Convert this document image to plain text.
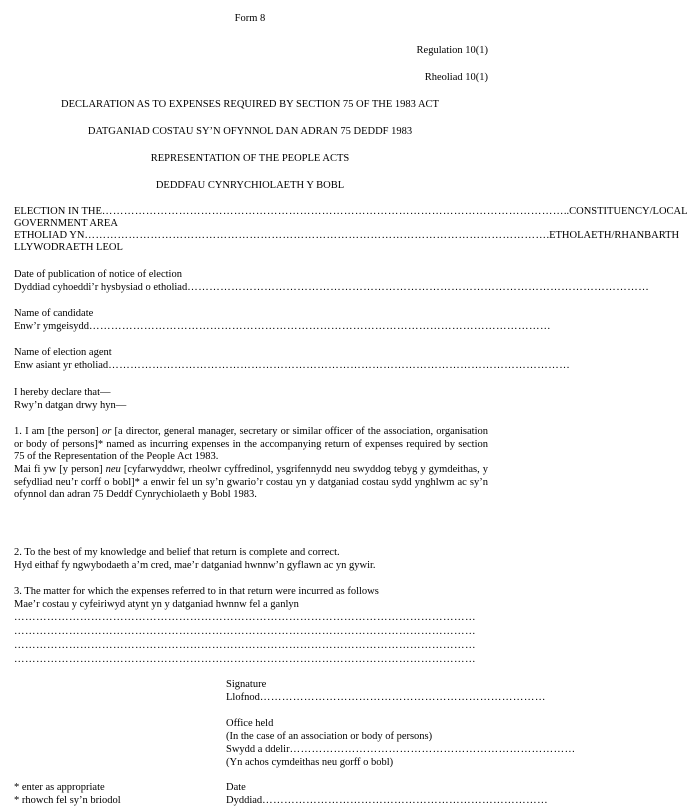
Form 8
Regulation 10(1)
Rheoliad 10(1)
DECLARATION AS TO EXPENSES REQUIRED BY SECTION 75 OF THE 1983 ACT
DATGANIAD COSTAU SY’N OFYNNOL DAN ADRAN 75 DEDDF 1983
REPRESENTATION OF THE PEOPLE ACTS
DEDDFAU CYNRYCHIOLAETH Y BOBL
ELECTION IN THE ……………………………………………………………………………………………………………… ..CONSTITUENCY/LOCAL
GOVERNMENT AREA
ETHOLIAD YN ……………………………………………………………………………………………………………… .ETHOLAETH/RHANBARTH
LLYWODRAETH LEOL
Date of publication of notice of election
Dyddiad cyhoeddi’r hysbysiad o etholiad ………………………………………………………………………………………………………………
Name of candidate
Enw’r ymgeisydd ………………………………………………………………………………………………………………
Name of election agent
Enw asiant yr etholiad ………………………………………………………………………………………………………………
I hereby declare that—
Rwy’n datgan drwy hyn—
1. I am [the person] or [a director, general manager, secretary or similar officer of the association, organisation or body of persons]* named as incurring expenses in the accompanying return of expenses required by section 75 of the Representation of the People Act 1983.
Mai fi yw [y person] neu [cyfarwyddwr, rheolwr cyffredinol, ysgrifennydd neu swyddog tebyg y gymdeithas, y sefydliad neu’r corff o bobl]* a enwir fel un sy’n gwario’r costau yn y datganiad costau sydd ynghlwm ac sy’n ofynnol dan adran 75 Deddf Cynrychiolaeth y Bobl 1983.
2. To the best of my knowledge and belief that return is complete and correct.
Hyd eithaf fy ngwybodaeth a’m cred, mae’r datganiad hwnnw’n gyflawn ac yn gywir.
3. The matter for which the expenses referred to in that return were incurred as follows
Mae’r costau y cyfeiriwyd atynt yn y datganiad hwnnw fel a ganlyn
………………………………………………………………………………………………………………
………………………………………………………………………………………………………………
………………………………………………………………………………………………………………
………………………………………………………………………………………………………………
Signature
Llofnod ……………………………………………………………………
Office held
(In the case of an association or body of persons)
Swydd a ddelir ……………………………………………………………………
(Yn achos cymdeithas neu gorff o bobl)
* enter as appropriate
* rhowch fel sy’n briodol
Date
Dyddiad ……………………………………………………………………
